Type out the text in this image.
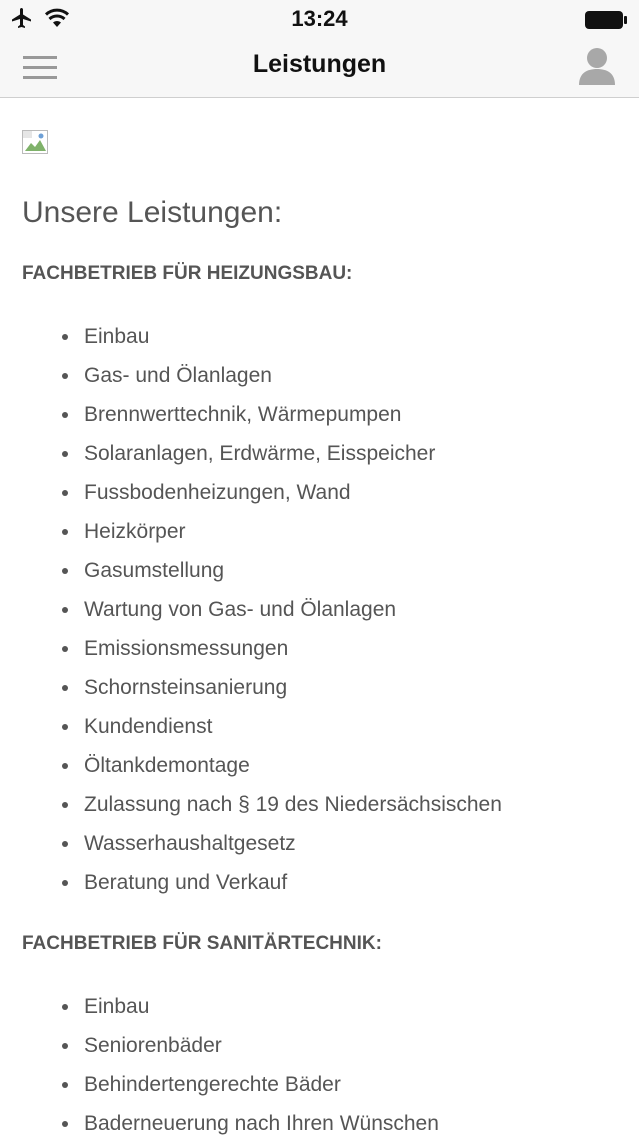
13:24
Leistungen
Unsere Leistungen:
FACHBETRIEB FÜR HEIZUNGSBAU:
Einbau
Gas- und Ölanlagen
Brennwerttechnik, Wärmepumpen
Solaranlagen, Erdwärme, Eisspeicher
Fussbodenheizungen, Wand
Heizkörper
Gasumstellung
Wartung von Gas- und Ölanlagen
Emissionsmessungen
Schornsteinsanierung
Kundendienst
Öltankdemontage
Zulassung nach § 19 des Niedersächsischen
Wasserhaushaltgesetz
Beratung und Verkauf
FACHBETRIEB FÜR SANITÄRTECHNIK:
Einbau
Seniorenbäder
Behindertengerechte Bäder
Baderneuerung nach Ihren Wünschen
